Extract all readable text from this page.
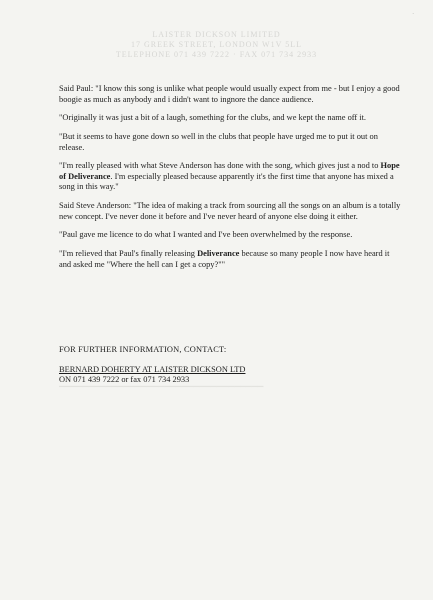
·
LAISTER DICKSON LIMITED
17 GREEK STREET, LONDON W1V 5LL
TELEPHONE 071 439 7222 · FAX 071 734 2933

Said Paul: "I know this song is unlike what people would usually expect from me - but I enjoy a good boogie as much as anybody and i didn't want to ingnore the dance audience.

"Originally it was just a bit of a laugh, something for the clubs, and we kept the name off it.

"But it seems to have gone down so well in the clubs that people have urged me to put it out on release.

"I'm really pleased with what Steve Anderson has done with the song, which gives just a nod to Hope of Deliverance. I'm especially pleased because apparently it's the first time that anyone has mixed a song in this way."

Said Steve Anderson: "The idea of making a track from sourcing all the songs on an album is a totally new concept. I've never done it before and I've never heard of anyone else doing it either.

"Paul gave me licence to do what I wanted and I've been overwhelmed by the response.

"I'm relieved that Paul's finally releasing Deliverance because so many people I now have heard it and asked me "Where the hell can I get a copy?""

▔▔▔▔▔▔▔▔▔▔▔▔▔▔▔▔▔▔▔▔▔▔▔▔▔▔▔▔▔▔▔▔▔▔▔

FOR FURTHER INFORMATION, CONTACT:

BERNARD DOHERTY AT LAISTER DICKSON LTD

ON 071 439 7222 or fax 071 734 2933
